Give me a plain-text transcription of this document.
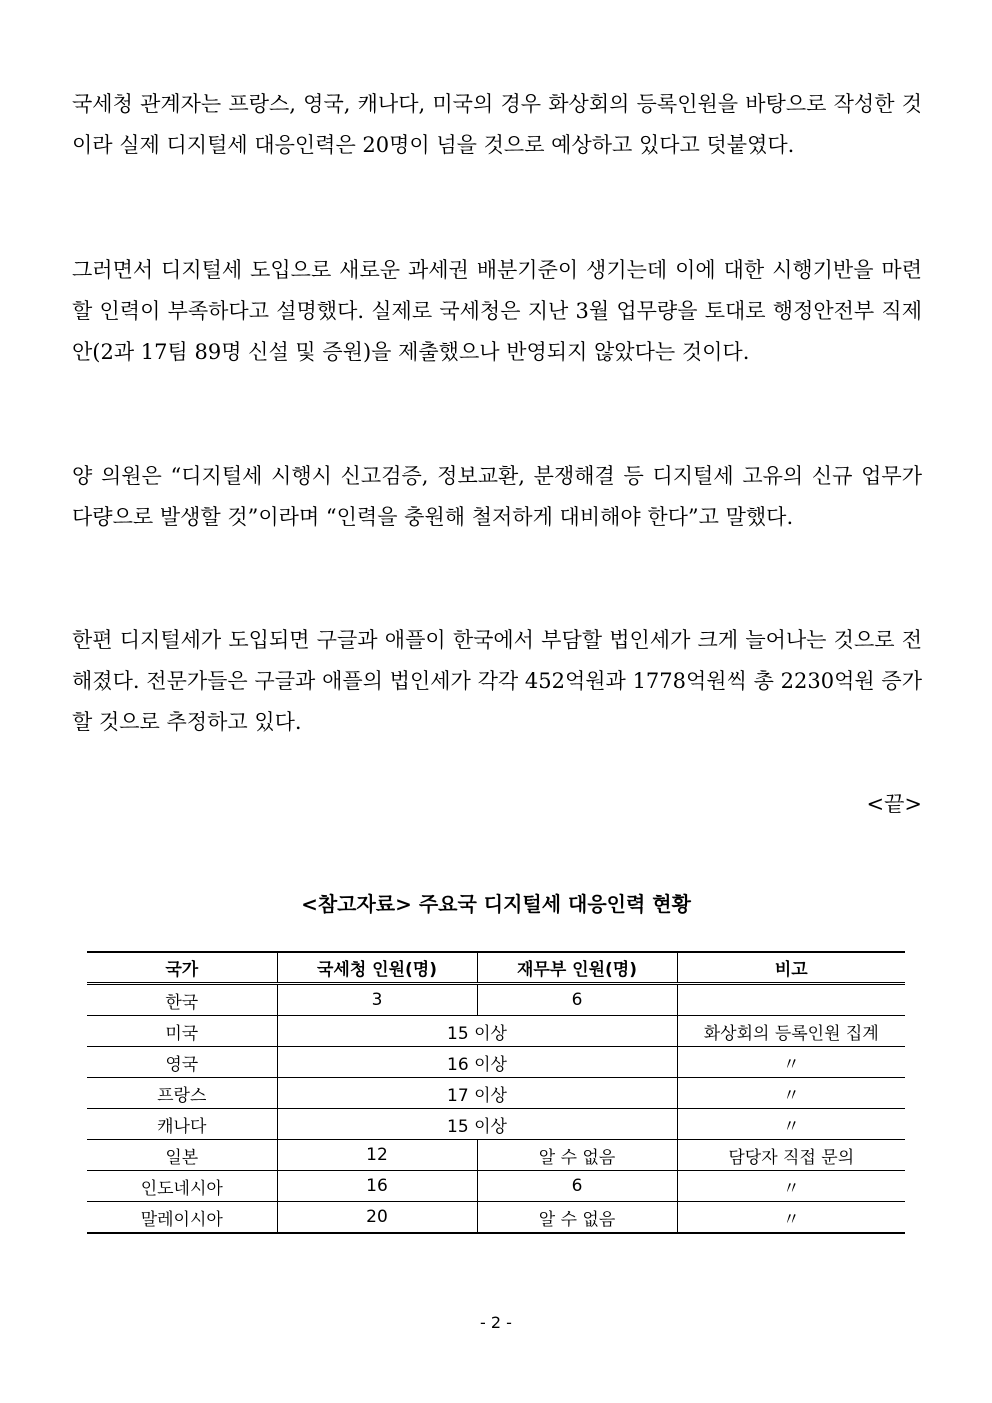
국세청 관계자는 프랑스, 영국, 캐나다, 미국의 경우 화상회의 등록인원을 바탕으로 작성한 것이라 실제 디지털세 대응인력은 20명이 넘을 것으로 예상하고 있다고 덧붙였다.

그러면서 디지털세 도입으로 새로운 과세권 배분기준이 생기는데 이에 대한 시행기반을 마련할 인력이 부족하다고 설명했다. 실제로 국세청은 지난 3월 업무량을 토대로 행정안전부 직제안(2과 17팀 89명 신설 및 증원)을 제출했으나 반영되지 않았다는 것이다.

양 의원은 “디지털세 시행시 신고검증, 정보교환, 분쟁해결 등 디지털세 고유의 신규 업무가 다량으로 발생할 것”이라며 “인력을 충원해 철저하게 대비해야 한다”고 말했다.

한편 디지털세가 도입되면 구글과 애플이 한국에서 부담할 법인세가 크게 늘어나는 것으로 전해졌다. 전문가들은 구글과 애플의 법인세가 각각 452억원과 1778억원씩 총 2230억원 증가할 것으로 추정하고 있다.

<끝>
<참고자료> 주요국 디지털세 대응인력 현황
국가	국세청 인원(명)	재무부 인원(명)	비고
한국	3	6	
미국	15 이상		화상회의 등록인원 집계
영국	16 이상		〃
프랑스	17 이상		〃
캐나다	15 이상		〃
일본	12	알 수 없음	담당자 직접 문의
인도네시아	16	6	〃
말레이시아	20	알 수 없음	〃
- 2 -
